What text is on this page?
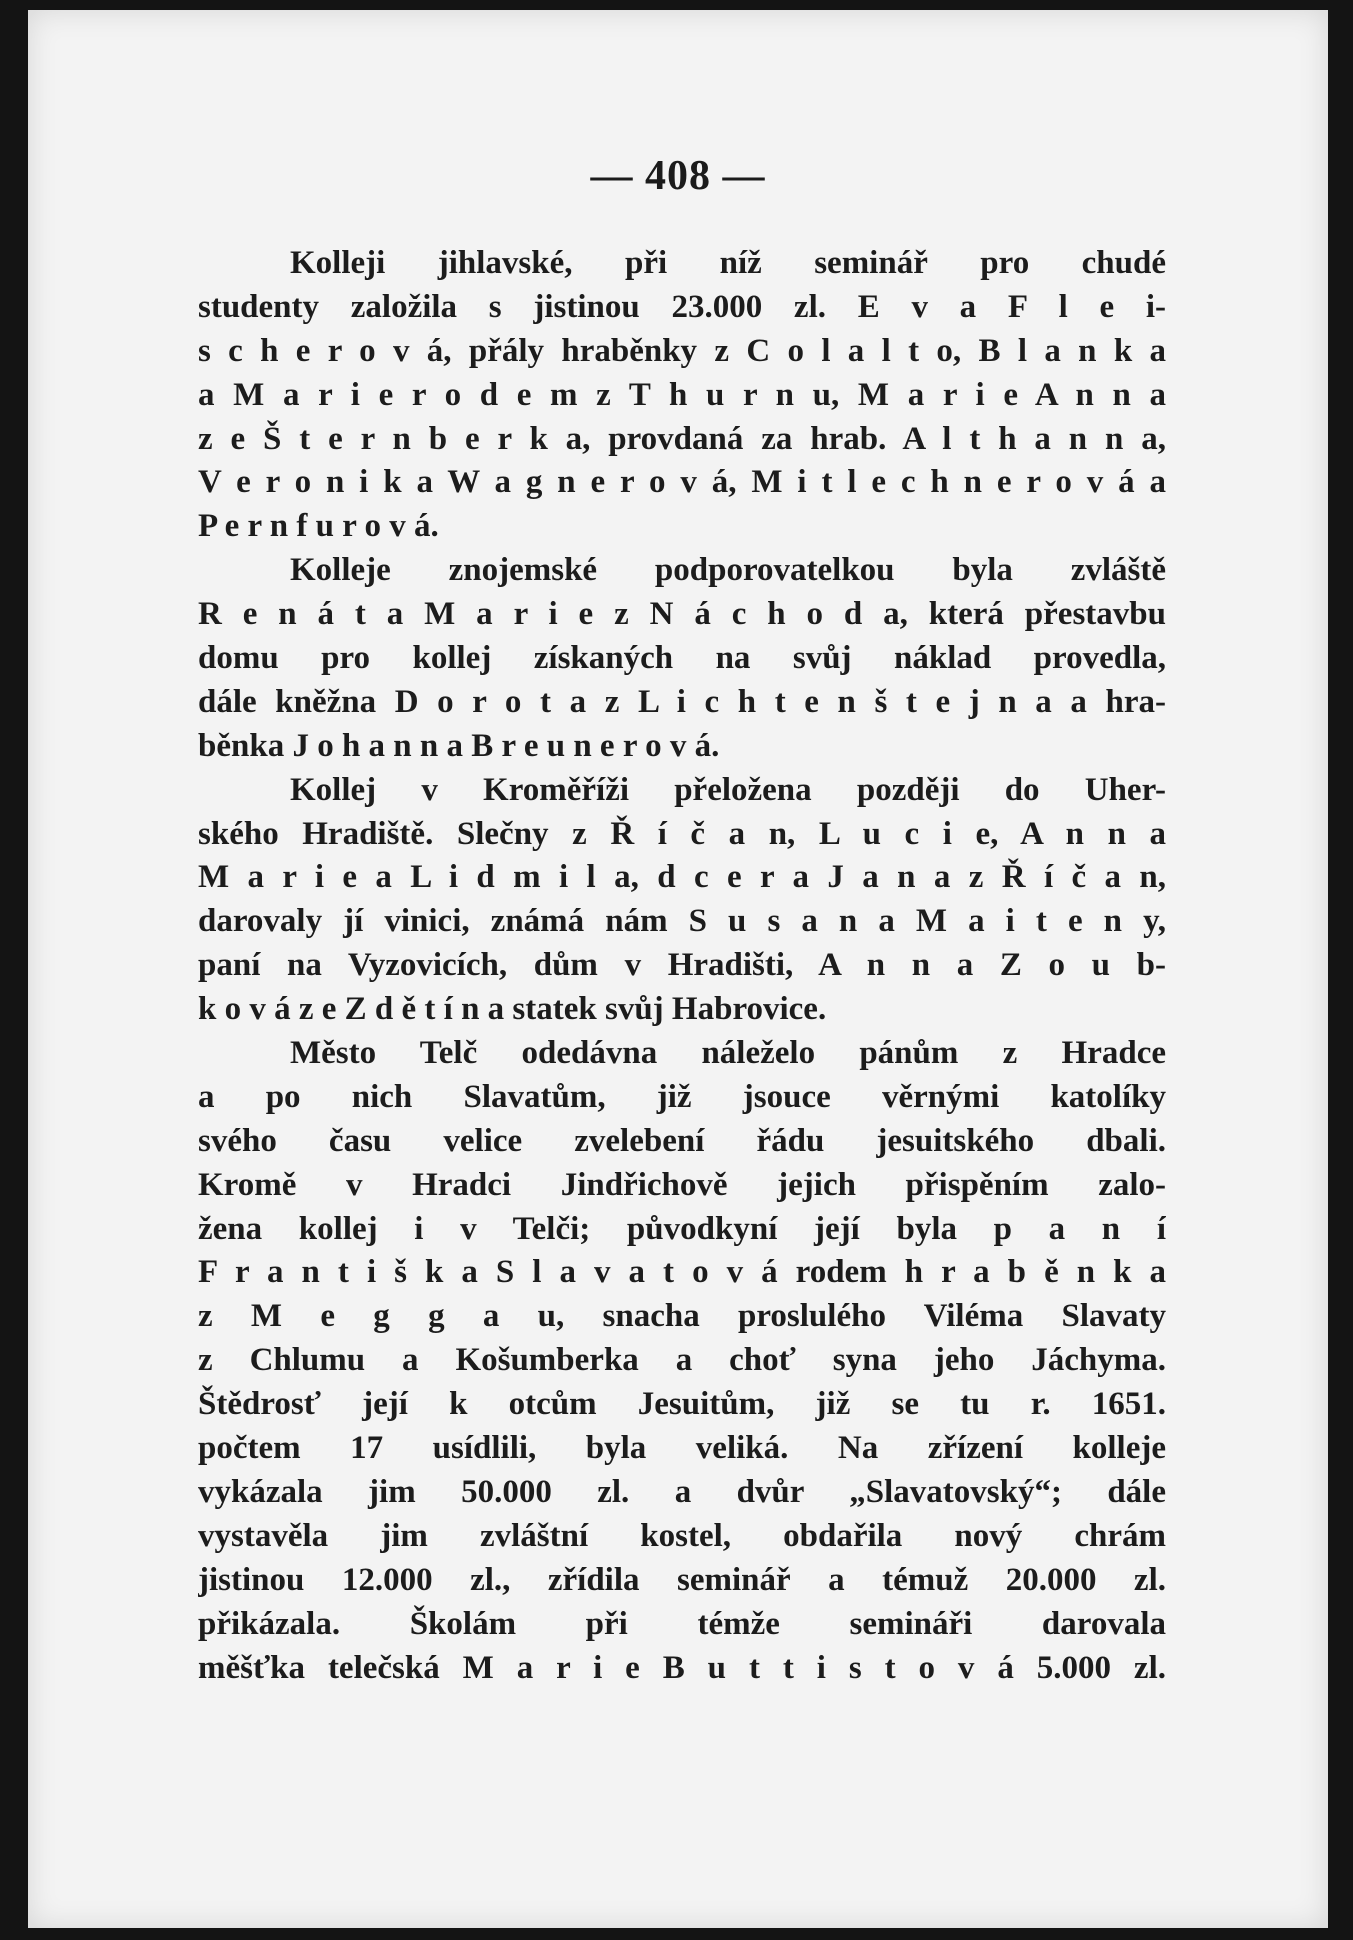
— 408 —
Kolleji jihlavské, při níž seminář pro chudé
studenty založila s jistinou 23.000 zl. E v a F l e i-
s c h e r o v á, přály hraběnky z C o l a l t o, B l a n k a
a M a r i e r o d e m z T h u r n u, M a r i e A n n a
z e Š t e r n b e r k a, provdaná za hrab. A l t h a n n a,
V e r o n i k a W a g n e r o v á, M i t l e c h n e r o v á a
P e r n f u r o v á.
Kolleje znojemské podporovatelkou byla zvláště
R e n á t a M a r i e z N á c h o d a, která přestavbu
domu pro kollej získaných na svůj náklad provedla,
dále kněžna D o r o t a z L i c h t e n š t e j n a a hra-
běnka J o h a n n a B r e u n e r o v á.
Kollej v Kroměříži přeložena později do Uher-
ského Hradiště. Slečny z Ř í č a n, L u c i e, A n n a
M a r i e a L i d m i l a, d c e r a J a n a z Ř í č a n,
darovaly jí vinici, známá nám S u s a n a M a i t e n y,
paní na Vyzovicích, dům v Hradišti, A n n a Z o u b-
k o v á z e Z d ě t í n a statek svůj Habrovice.
Město Telč odedávna náleželo pánům z Hradce
a po nich Slavatům, již jsouce věrnými katolíky
svého času velice zvelebení řádu jesuitského dbali.
Kromě v Hradci Jindřichově jejich přispěním zalo-
žena kollej i v Telči; původkyní její byla p a n í
F r a n t i š k a S l a v a t o v á rodem h r a b ě n k a
z M e g g a u, snacha proslulého Viléma Slavaty
z Chlumu a Košumberka a choť syna jeho Jáchyma.
Štědrosť její k otcům Jesuitům, již se tu r. 1651.
počtem 17 usídlili, byla veliká. Na zřízení kolleje
vykázala jim 50.000 zl. a dvůr „Slavatovský“; dále
vystavěla jim zvláštní kostel, obdařila nový chrám
jistinou 12.000 zl., zřídila seminář a témuž 20.000 zl.
přikázala. Školám při témže semináři darovala
měšťka telečská M a r i e B u t t i s t o v á 5.000 zl.
